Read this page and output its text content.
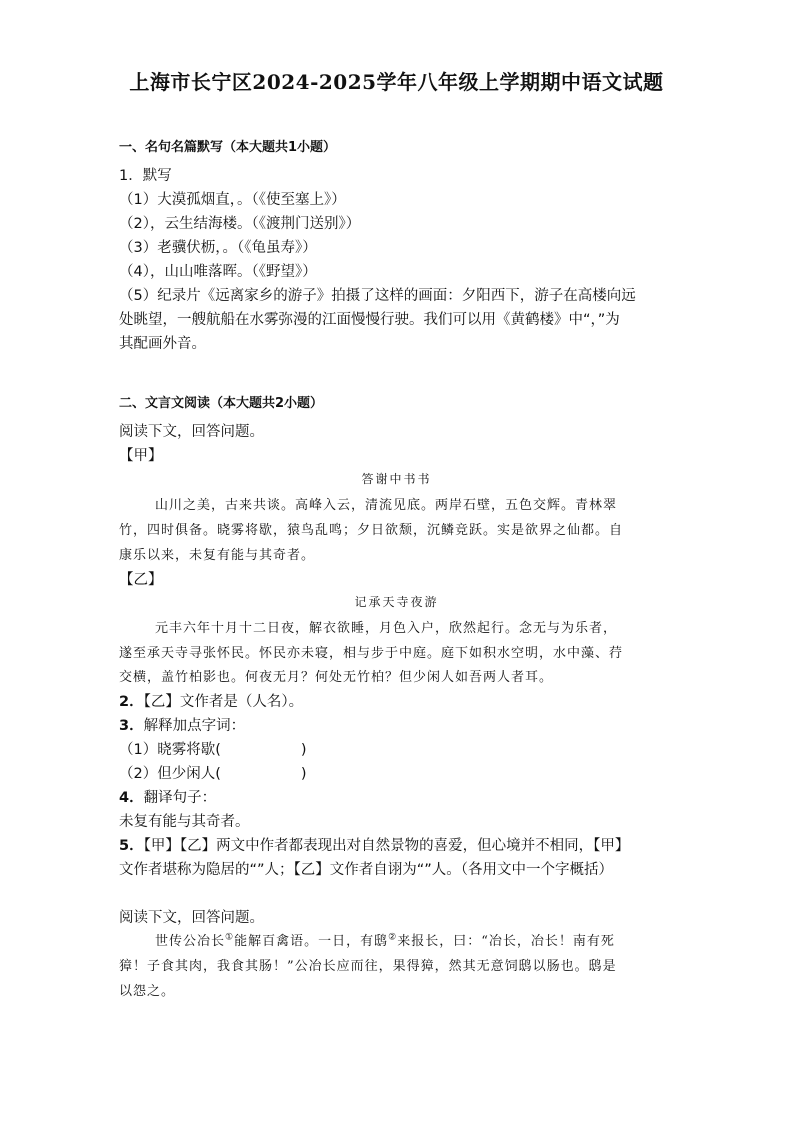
上海市长宁区2024-2025学年八年级上学期期中语文试题
一、名句名篇默写（本大题共1小题）
1．默写
（1）大漠孤烟直，。（《使至塞上》）
（2），云生结海楼。（《渡荆门送别》）
（3）老骥伏枥，。（《龟虽寿》）
（4），山山唯落晖。（《野望》）
（5）纪录片《远离家乡的游子》拍摄了这样的画面：夕阳西下，游子在高楼向远
处眺望，一艘航船在水雾弥漫的江面慢慢行驶。我们可以用《黄鹤楼》中“，”为
其配画外音。
二、文言文阅读（本大题共2小题）
阅读下文，回答问题。
【甲】
答谢中书书
山川之美，古来共谈。高峰入云，清流见底。两岸石壁，五色交辉。青林翠
竹，四时俱备。晓雾将歇，猿鸟乱鸣；夕日欲颓，沉鳞竞跃。实是欲界之仙都。自
康乐以来，未复有能与其奇者。
【乙】
记承天寺夜游
元丰六年十月十二日夜，解衣欲睡，月色入户，欣然起行。念无与为乐者，
遂至承天寺寻张怀民。怀民亦未寝，相与步于中庭。庭下如积水空明，水中藻、荇
交横，盖竹柏影也。何夜无月？何处无竹柏？但少闲人如吾两人者耳。
2．【乙】文作者是（人名）。
3．解释加点字词：
（1）晓雾将歇(	)
（2）但少闲人(	)
4．翻译句子：
未复有能与其奇者。
5．【甲】【乙】两文中作者都表现出对自然景物的喜爱，但心境并不相同，【甲】
文作者堪称为隐居的“”人；【乙】文作者自诩为“”人。（各用文中一个字概括）
阅读下文，回答问题。
世传公冶长①能解百禽语。一日，有鸱②来报长，曰：“冶长，冶长！南有死
獐！子食其肉，我食其肠！”公冶长应而往，果得獐，然其无意饲鸱以肠也。鸱是
以怨之。
